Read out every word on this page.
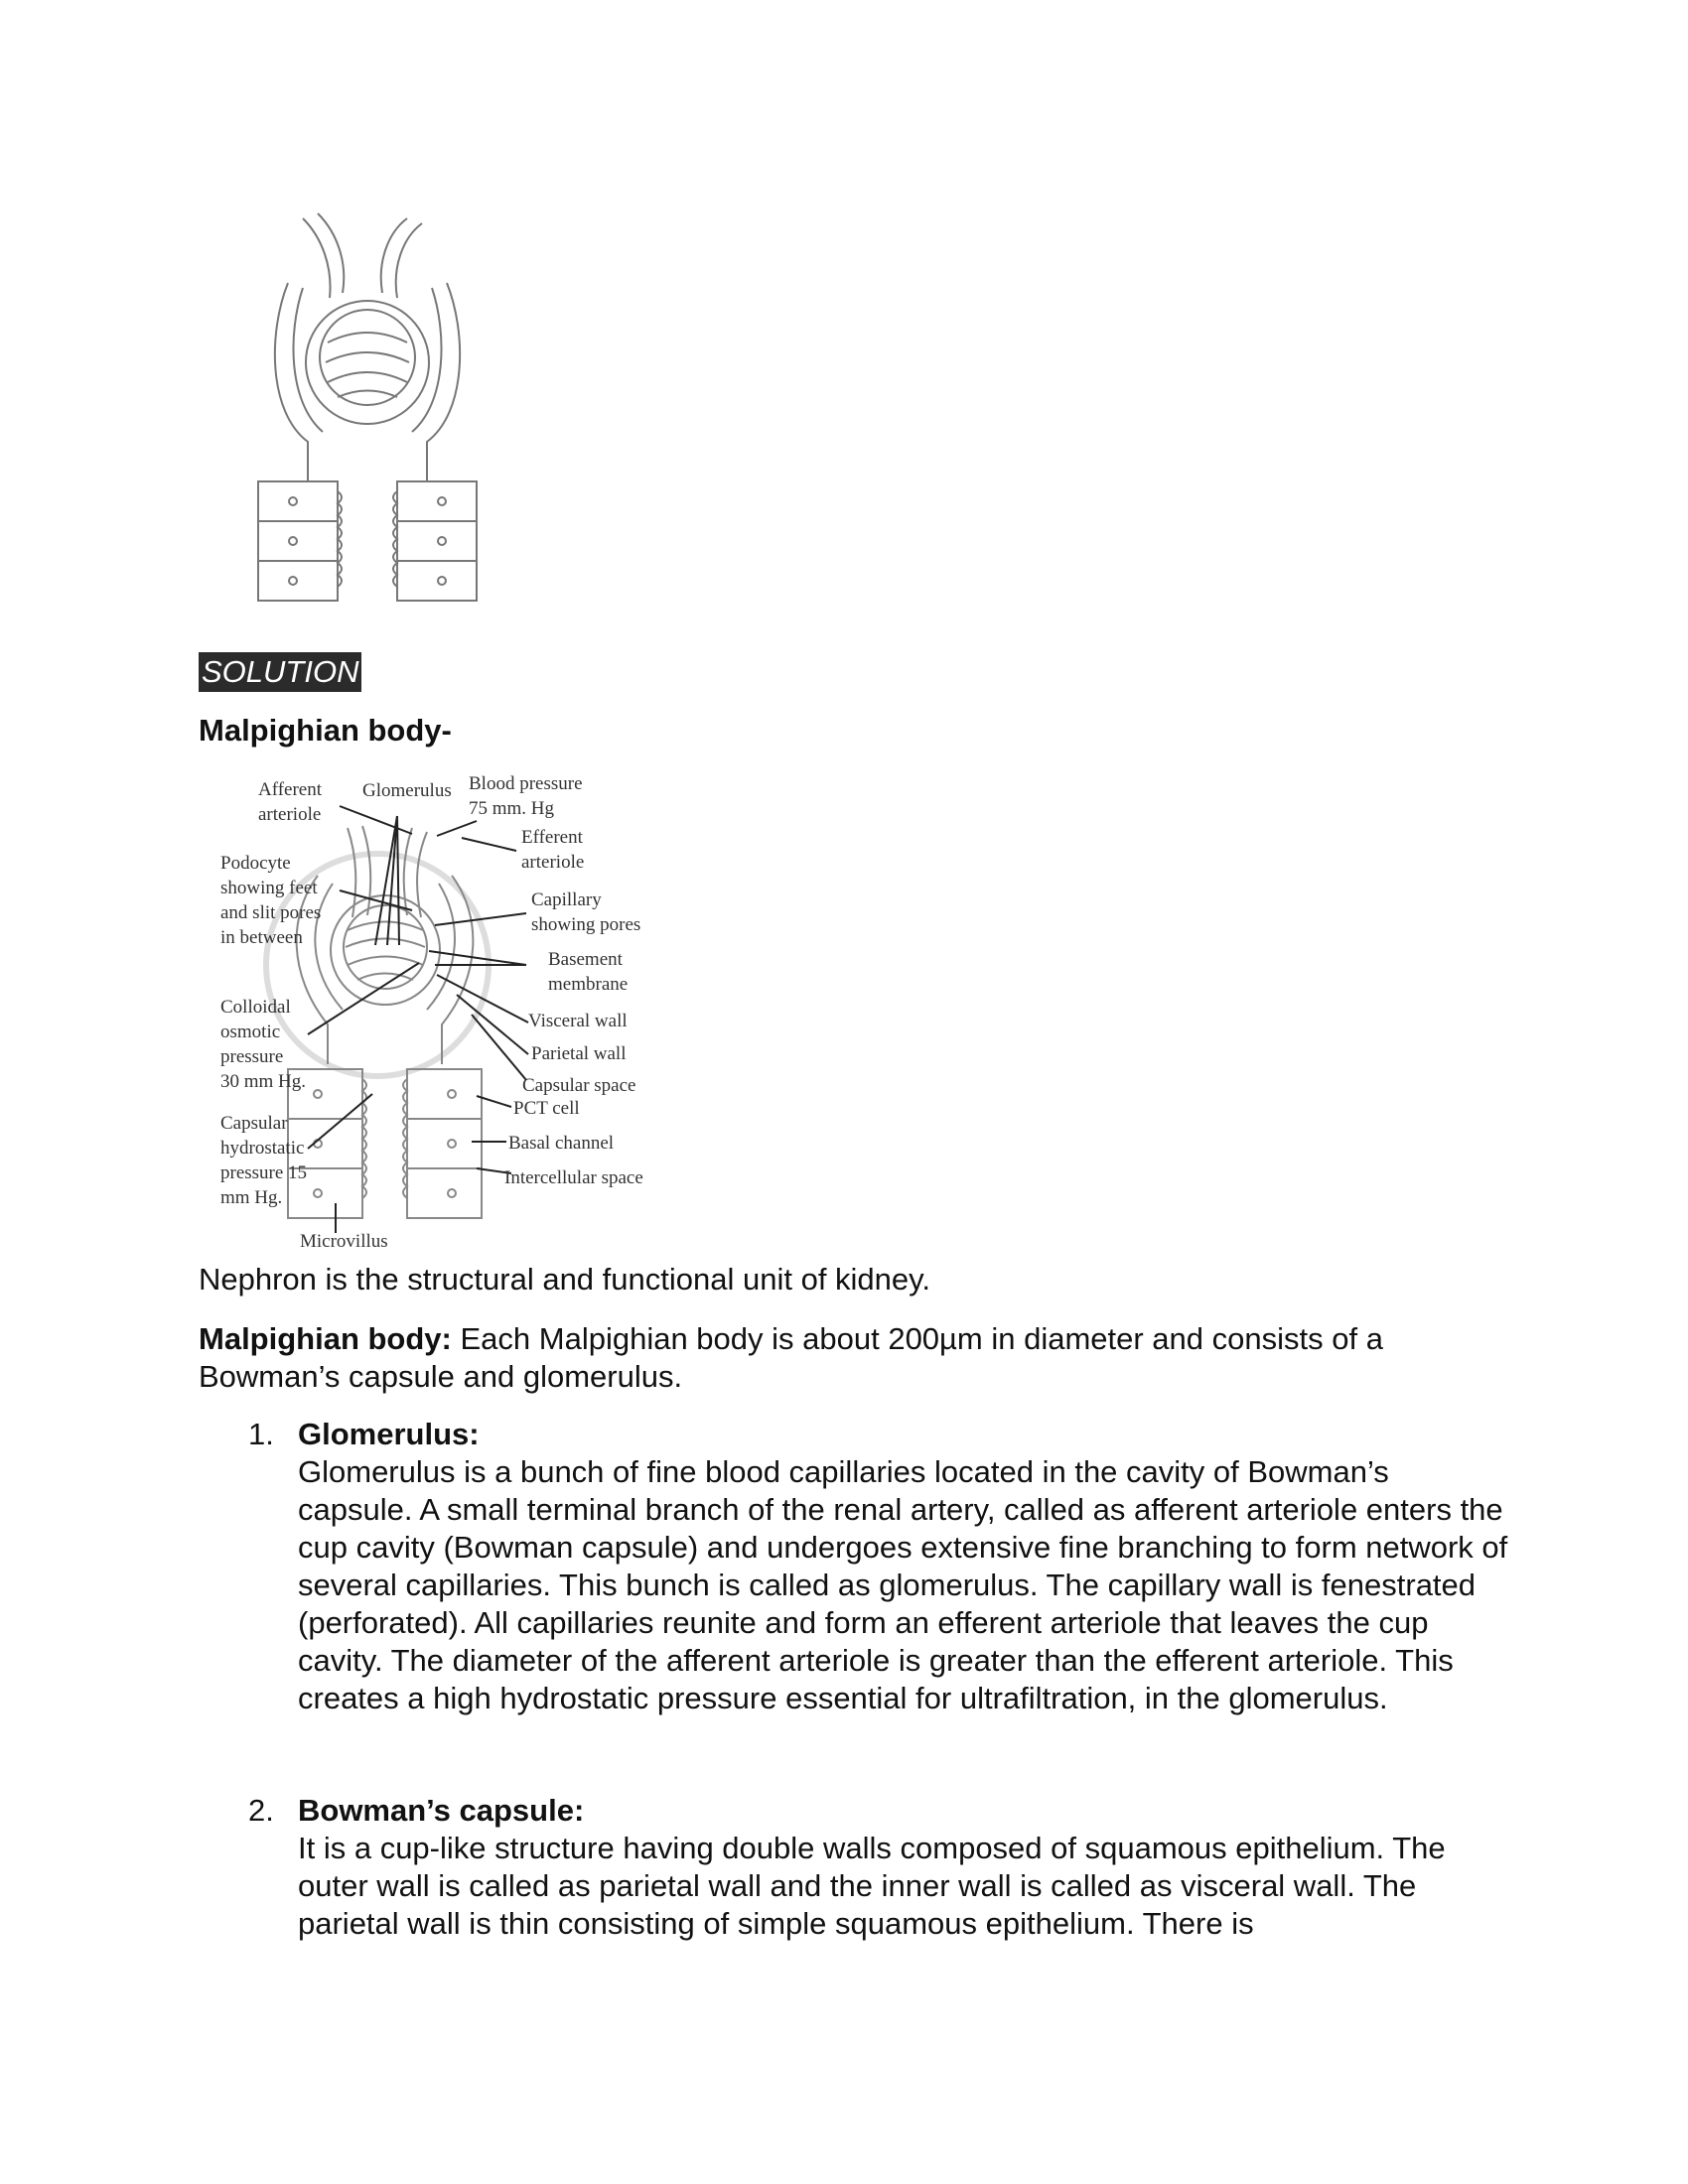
SOLUTION
Malpighian body-
Afferent
arteriole
Glomerulus Blood pressure
75 mm. Hg
Efferent
arteriole
Podocyte
showing feet
and slit pores
in between
Capillary
showing pores
Basement
membrane
Colloidal
osmotic
pressure
30 mm Hg.
Visceral wall
Parietal wall
Capsular space
Capsular
hydrostatic
pressure 15
mm Hg.
PCT cell
Basal channel
Intercellular space
Microvillus

Nephron is the structural and functional unit of kidney.

Malpighian body: Each Malpighian body is about 200µm in diameter and consists of a Bowman’s capsule and glomerulus.

1. Glomerulus:
Glomerulus is a bunch of fine blood capillaries located in the cavity of Bowman’s capsule. A small terminal branch of the renal artery, called as afferent arteriole enters the cup cavity (Bowman capsule) and undergoes extensive fine branching to form network of several capillaries. This bunch is called as glomerulus. The capillary wall is fenestrated (perforated). All capillaries reunite and form an efferent arteriole that leaves the cup cavity. The diameter of the afferent arteriole is greater than the efferent arteriole. This creates a high hydrostatic pressure essential for ultrafiltration, in the glomerulus.

2. Bowman’s capsule:
It is a cup-like structure having double walls composed of squamous epithelium. The outer wall is called as parietal wall and the inner wall is called as visceral wall. The parietal wall is thin consisting of simple squamous epithelium. There is
